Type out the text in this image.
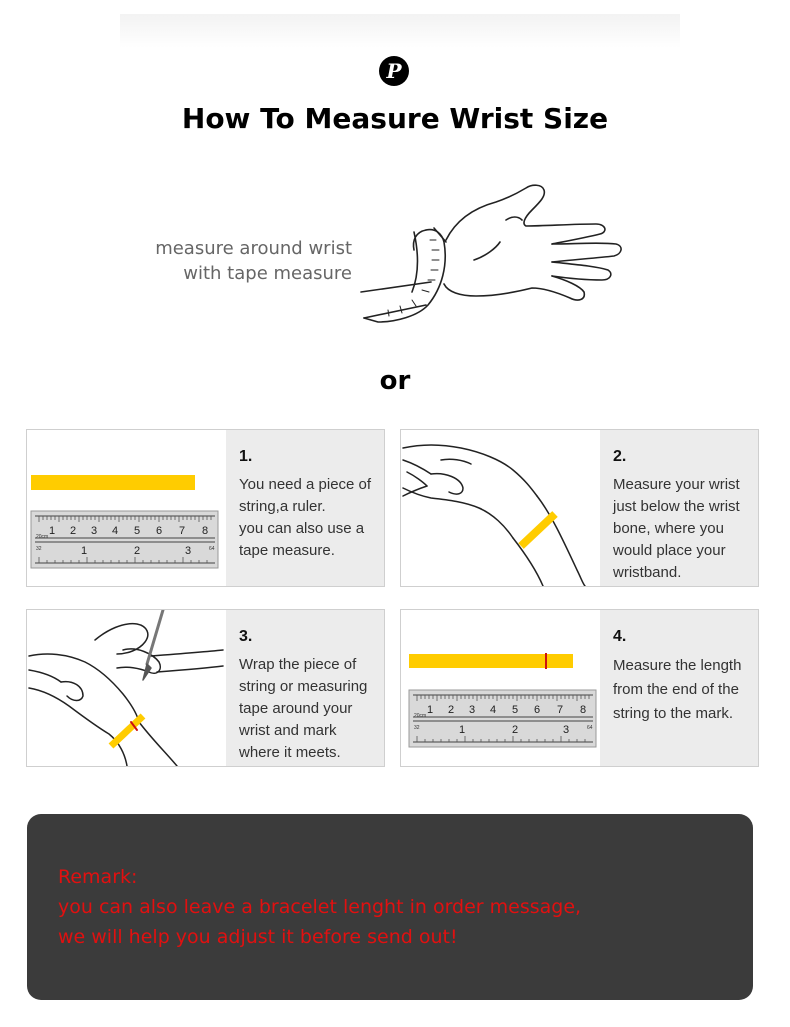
P
How To Measure Wrist Size
measure around wrist
with tape measure
or
1 2 3 4 5 6 7 8
1	2	3
20cm
32	64
1.
You need a piece of
string,a ruler.
you can also use a
tape measure.
2.
Measure your wrist
just below the wrist
bone, where you
would place your
wristband.
3.
Wrap the piece of
string or measuring
tape around your
wrist and mark
where it meets.
1 2 3 4 5 6 7 8
1	2	3
20cm
32	64
4.
Measure the length
from the end of the
string to the mark.
Remark:
you can also leave a bracelet lenght in order message,
we will help you adjust it before send out!
